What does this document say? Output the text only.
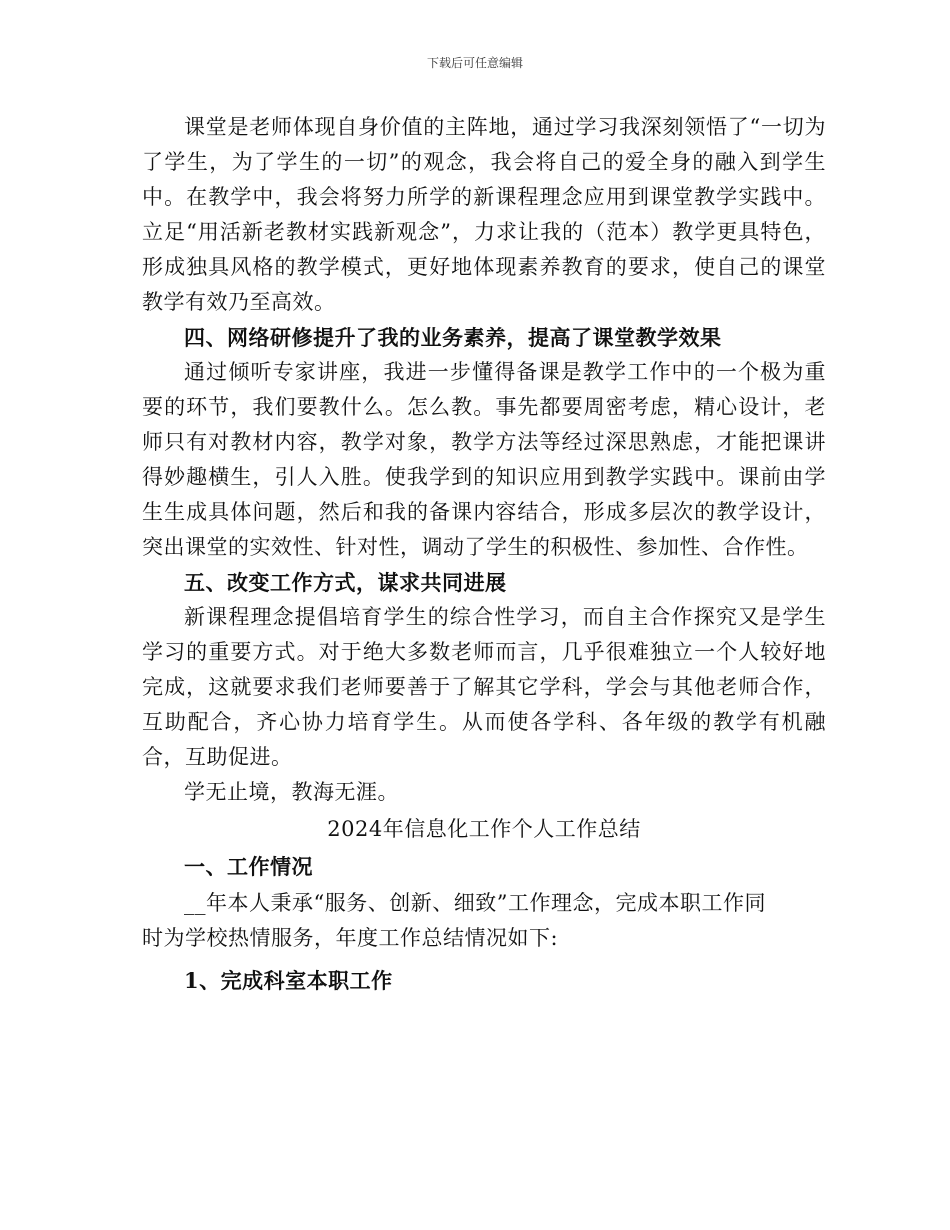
下载后可任意编辑

课堂是老师体现自身价值的主阵地，通过学习我深刻领悟了“一切为了学生，为了学生的一切”的观念，我会将自己的爱全身的融入到学生中。在教学中，我会将努力所学的新课程理念应用到课堂教学实践中。立足“用活新老教材实践新观念”，力求让我的（范本）教学更具特色，形成独具风格的教学模式，更好地体现素养教育的要求，使自己的课堂教学有效乃至高效。

四、网络研修提升了我的业务素养，提高了课堂教学效果

通过倾听专家讲座，我进一步懂得备课是教学工作中的一个极为重要的环节，我们要教什么。怎么教。事先都要周密考虑，精心设计，老师只有对教材内容，教学对象，教学方法等经过深思熟虑，才能把课讲得妙趣横生，引人入胜。使我学到的知识应用到教学实践中。课前由学生生成具体问题，然后和我的备课内容结合，形成多层次的教学设计，突出课堂的实效性、针对性，调动了学生的积极性、参加性、合作性。

五、改变工作方式，谋求共同进展

新课程理念提倡培育学生的综合性学习，而自主合作探究又是学生学习的重要方式。对于绝大多数老师而言，几乎很难独立一个人较好地完成，这就要求我们老师要善于了解其它学科，学会与其他老师合作，互助配合，齐心协力培育学生。从而使各学科、各年级的教学有机融合，互助促进。

学无止境，教海无涯。

2024年信息化工作个人工作总结

一、工作情况

__年本人秉承“服务、创新、细致”工作理念，完成本职工作同

时为学校热情服务，年度工作总结情况如下:

1、完成科室本职工作
